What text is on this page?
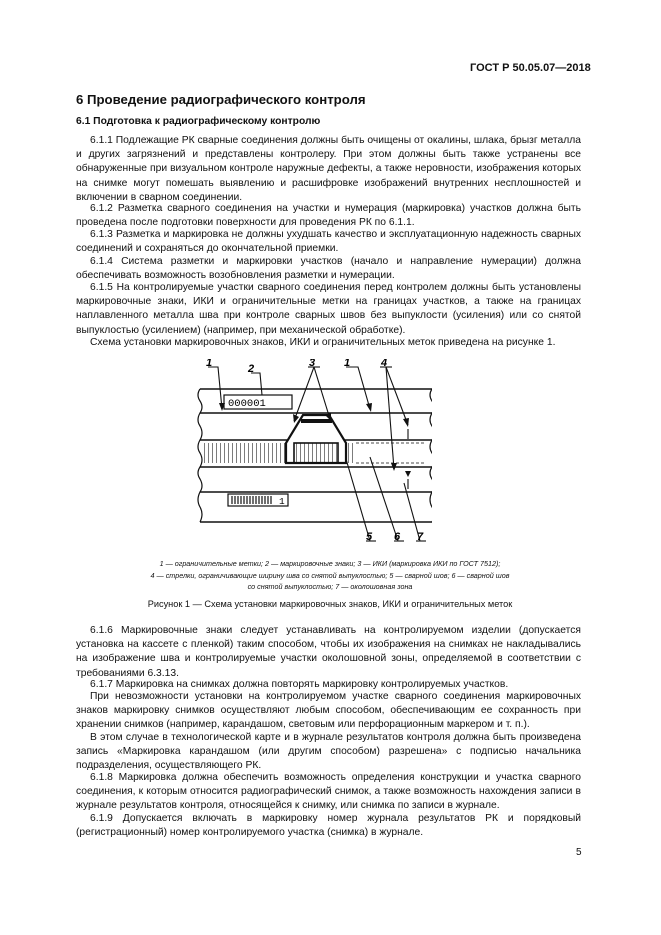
ГОСТ Р 50.05.07—2018
6 Проведение радиографического контроля
6.1 Подготовка к радиографическому контролю

6.1.1 Подлежащие РК сварные соединения должны быть очищены от окалины, шлака, брызг металла и других загрязнений и представлены контролеру. При этом должны быть также устранены все обнаруженные при визуальном контроле наружные дефекты, а также неровности, изображения которых на снимке могут помешать выявлению и расшифровке изображений внутренних несплошностей и включении в сварном соединении.

6.1.2 Разметка сварного соединения на участки и нумерация (маркировка) участков должна быть проведена после подготовки поверхности для проведения РК по 6.1.1.

6.1.3 Разметка и маркировка не должны ухудшать качество и эксплуатационную надежность сварных соединений и сохраняться до окончательной приемки.

6.1.4 Система разметки и маркировки участков (начало и направление нумерации) должна обеспечивать возможность возобновления разметки и нумерации.

6.1.5 На контролируемые участки сварного соединения перед контролем должны быть установлены маркировочные знаки, ИКИ и ограничительные метки на границах участков, а также на границах наплавленного металла шва при контроле сварных швов без выпуклости (усиления) или со снятой выпуклостью (усилением) (например, при механической обработке).

Схема установки маркировочных знаков, ИКИ и ограничительных меток приведена на рисунке 1.

000001
1
1	2	3	1	4
5 6 7
1 — ограничительные метки; 2 — маркировочные знаки; 3 — ИКИ (маркировка ИКИ по ГОСТ 7512);
4 — стрелки, ограничивающие ширину шва со снятой выпуклостью; 5 — сварной шов; 6 — сварной шов
со снятой выпуклостью; 7 — околошовная зона
Рисунок 1 — Схема установки маркировочных знаков, ИКИ и ограничительных меток

6.1.6 Маркировочные знаки следует устанавливать на контролируемом изделии (допускается установка на кассете с пленкой) таким способом, чтобы их изображения на снимках не накладывались на изображение шва и контролируемые участки околошовной зоны, определяемой в соответствии с требованиями 6.3.13.

6.1.7 Маркировка на снимках должна повторять маркировку контролируемых участков.

При невозможности установки на контролируемом участке сварного соединения маркировочных знаков маркировку снимков осуществляют любым способом, обеспечивающим ее сохранность при хранении снимков (например, карандашом, световым или перфорационным маркером и т. п.).

В этом случае в технологической карте и в журнале результатов контроля должна быть произведена запись «Маркировка карандашом (или другим способом) разрешена» с подписью начальника подразделения, осуществляющего РК.

6.1.8 Маркировка должна обеспечить возможность определения конструкции и участка сварного соединения, к которым относится радиографический снимок, а также возможность нахождения записи в журнале результатов контроля, относящейся к снимку, или снимка по записи в журнале.

6.1.9 Допускается включать в маркировку номер журнала результатов РК и порядковый (регистрационный) номер контролируемого участка (снимка) в журнале.

5
